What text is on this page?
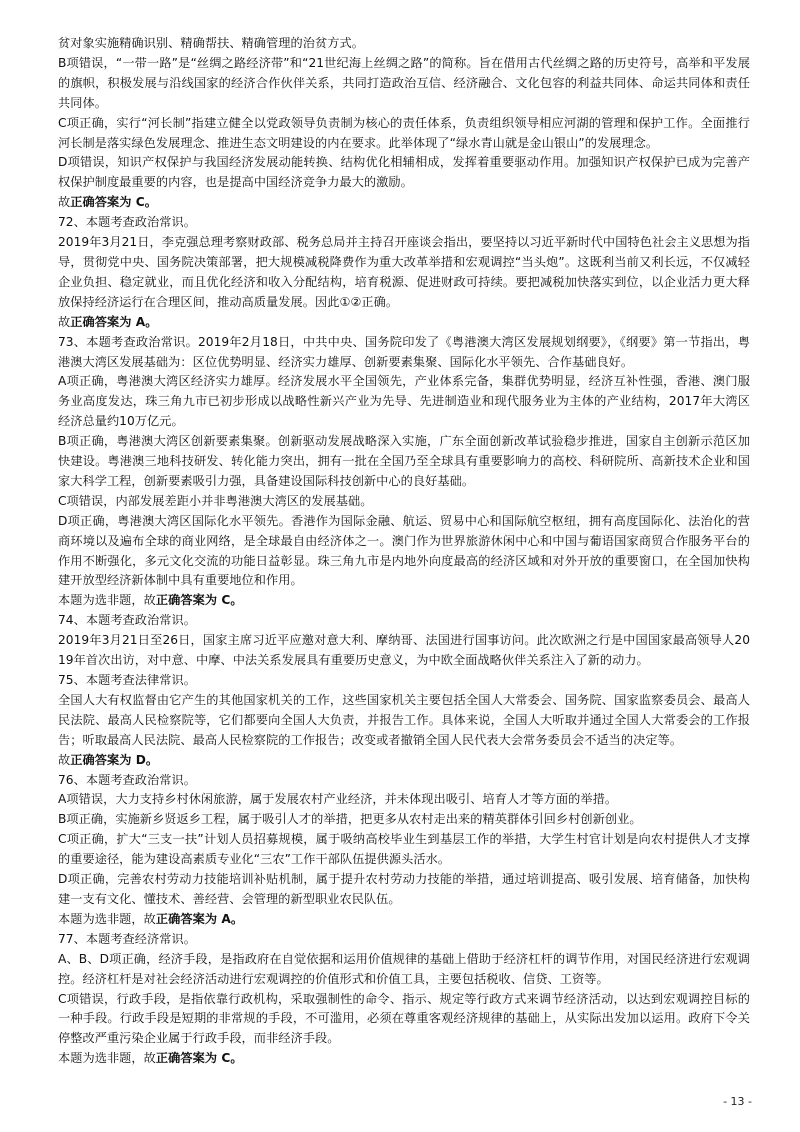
贫对象实施精确识别、精确帮扶、精确管理的治贫方式。

B项错误，“一带一路”是“丝绸之路经济带”和“21世纪海上丝绸之路”的简称。旨在借用古代丝绸之路的历史符号，高举和平发展的旗帜，积极发展与沿线国家的经济合作伙伴关系，共同打造政治互信、经济融合、文化包容的利益共同体、命运共同体和责任共同体。

C项正确，实行“河长制”指建立健全以党政领导负责制为核心的责任体系，负责组织领导相应河湖的管理和保护工作。全面推行河长制是落实绿色发展理念、推进生态文明建设的内在要求。此举体现了“绿水青山就是金山银山”的发展理念。

D项错误，知识产权保护与我国经济发展动能转换、结构优化相辅相成，发挥着重要驱动作用。加强知识产权保护已成为完善产权保护制度最重要的内容，也是提高中国经济竞争力最大的激励。

故正确答案为 C。

72、本题考查政治常识。

2019年3月21日，李克强总理考察财政部、税务总局并主持召开座谈会指出，要坚持以习近平新时代中国特色社会主义思想为指导，贯彻党中央、国务院决策部署，把大规模减税降费作为重大改革举措和宏观调控“当头炮”。这既利当前又利长远，不仅减轻企业负担、稳定就业，而且优化经济和收入分配结构，培育税源、促进财政可持续。要把减税加快落实到位，以企业活力更大释放保持经济运行在合理区间，推动高质量发展。因此①②正确。

故正确答案为 A。

73、本题考查政治常识。2019年2月18日，中共中央、国务院印发了《粤港澳大湾区发展规划纲要》，《纲要》第一节指出，粤港澳大湾区发展基础为：区位优势明显、经济实力雄厚、创新要素集聚、国际化水平领先、合作基础良好。

A项正确，粤港澳大湾区经济实力雄厚。经济发展水平全国领先，产业体系完备，集群优势明显，经济互补性强，香港、澳门服务业高度发达，珠三角九市已初步形成以战略性新兴产业为先导、先进制造业和现代服务业为主体的产业结构，2017年大湾区经济总量约10万亿元。

B项正确，粤港澳大湾区创新要素集聚。创新驱动发展战略深入实施，广东全面创新改革试验稳步推进，国家自主创新示范区加快建设。粤港澳三地科技研发、转化能力突出，拥有一批在全国乃至全球具有重要影响力的高校、科研院所、高新技术企业和国家大科学工程，创新要素吸引力强，具备建设国际科技创新中心的良好基础。

C项错误，内部发展差距小并非粤港澳大湾区的发展基础。

D项正确，粤港澳大湾区国际化水平领先。香港作为国际金融、航运、贸易中心和国际航空枢纽，拥有高度国际化、法治化的营商环境以及遍布全球的商业网络，是全球最自由经济体之一。澳门作为世界旅游休闲中心和中国与葡语国家商贸合作服务平台的作用不断强化，多元文化交流的功能日益彰显。珠三角九市是内地外向度最高的经济区域和对外开放的重要窗口，在全国加快构建开放型经济新体制中具有重要地位和作用。

本题为选非题，故正确答案为 C。

74、本题考查政治常识。

2019年3月21日至26日，国家主席习近平应邀对意大利、摩纳哥、法国进行国事访问。此次欧洲之行是中国国家最高领导人2019年首次出访，对中意、中摩、中法关系发展具有重要历史意义，为中欧全面战略伙伴关系注入了新的动力。

75、本题考查法律常识。

全国人大有权监督由它产生的其他国家机关的工作，这些国家机关主要包括全国人大常委会、国务院、国家监察委员会、最高人民法院、最高人民检察院等，它们都要向全国人大负责，并报告工作。具体来说，全国人大听取并通过全国人大常委会的工作报告；听取最高人民法院、最高人民检察院的工作报告；改变或者撤销全国人民代表大会常务委员会不适当的决定等。

故正确答案为 D。

76、本题考查政治常识。

A项错误，大力支持乡村休闲旅游，属于发展农村产业经济，并未体现出吸引、培育人才等方面的举措。

B项正确，实施新乡贤返乡工程，属于吸引人才的举措，把更多从农村走出来的精英群体引回乡村创新创业。

C项正确，扩大“三支一扶”计划人员招募规模，属于吸纳高校毕业生到基层工作的举措，大学生村官计划是向农村提供人才支撑的重要途径，能为建设高素质专业化“三农”工作干部队伍提供源头活水。

D项正确，完善农村劳动力技能培训补贴机制，属于提升农村劳动力技能的举措，通过培训提高、吸引发展、培育储备，加快构建一支有文化、懂技术、善经营、会管理的新型职业农民队伍。

本题为选非题，故正确答案为 A。

77、本题考查经济常识。

A、B、D项正确，经济手段，是指政府在自觉依据和运用价值规律的基础上借助于经济杠杆的调节作用，对国民经济进行宏观调控。经济杠杆是对社会经济活动进行宏观调控的价值形式和价值工具，主要包括税收、信贷、工资等。

C项错误，行政手段，是指依靠行政机构，采取强制性的命令、指示、规定等行政方式来调节经济活动，以达到宏观调控目标的一种手段。行政手段是短期的非常规的手段，不可滥用，必须在尊重客观经济规律的基础上，从实际出发加以运用。政府下令关停整改严重污染企业属于行政手段，而非经济手段。

本题为选非题，故正确答案为 C。

- 13 -
